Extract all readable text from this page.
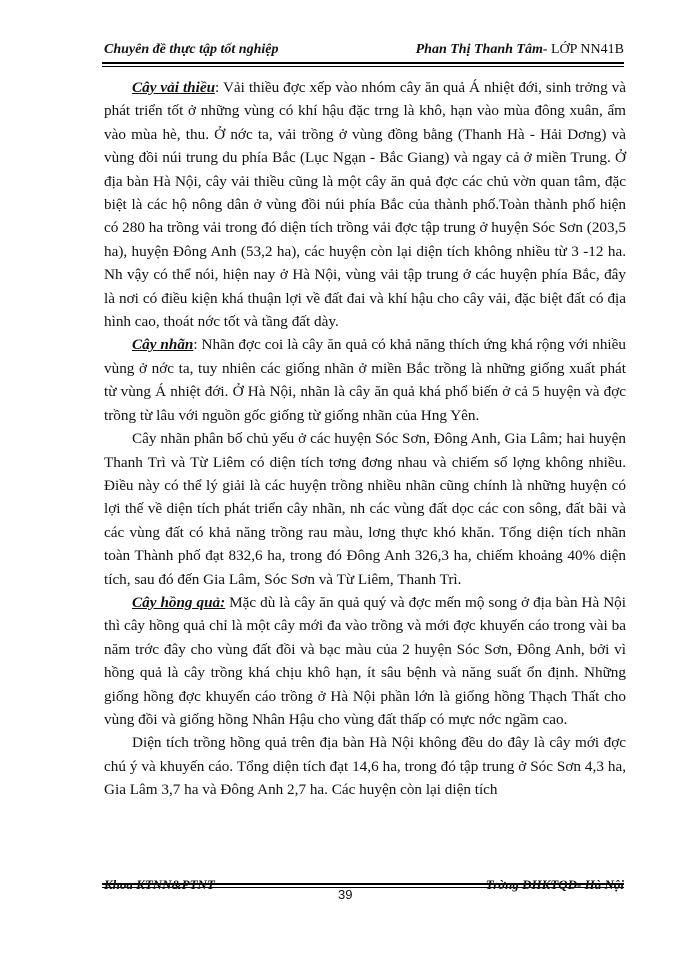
Chuyên đề thực tập tốt nghiệp	Phan Thị Thanh Tâm- LỚP NN41B

Cây vải thiều: Vải thiều đợc xếp vào nhóm cây ăn quả Á nhiệt đới, sinh trởng và phát triển tốt ở những vùng có khí hậu đặc trng là khô, hạn vào mùa đông xuân, ẩm vào mùa hè, thu. Ở nớc ta, vải trồng ở vùng đồng bằng (Thanh Hà - Hải Dơng) và vùng đồi núi trung du phía Bắc (Lục Ngạn - Bắc Giang) và ngay cả ở miền Trung. Ở địa bàn Hà Nội, cây vải thiều cũng là một cây ăn quả đợc các chủ vờn quan tâm, đặc biệt là các hộ nông dân ở vùng đồi núi phía Bắc của thành phố.Toàn thành phố hiện có 280 ha trồng vải trong đó diện tích trồng vải đợc tập trung ở huyện Sóc Sơn (203,5 ha), huyện Đông Anh (53,2 ha), các huyện còn lại diện tích không nhiều từ 3 -12 ha. Nh vậy có thể nói, hiện nay ở Hà Nội, vùng vải tập trung ở các huyện phía Bắc, đây là nơi có điều kiện khá thuận lợi về đất đai và khí hậu cho cây vải, đặc biệt đất có địa hình cao, thoát nớc tốt và tầng đất dày.

Cây nhãn: Nhãn đợc coi là cây ăn quả có khả năng thích ứng khá rộng với nhiều vùng ở nớc ta, tuy nhiên các giống nhãn ở miền Bắc trồng là những giống xuất phát từ vùng Á nhiệt đới. Ở Hà Nội, nhãn là cây ăn quả khá phổ biến ở cả 5 huyện và đợc trồng từ lâu với nguồn gốc giống từ giống nhãn của Hng Yên.

Cây nhãn phân bố chủ yếu ở các huyện Sóc Sơn, Đông Anh, Gia Lâm; hai huyện Thanh Trì và Từ Liêm có diện tích tơng đơng nhau và chiếm số lợng không nhiều. Điều này có thể lý giải là các huyện trồng nhiều nhãn cũng chính là những huyện có lợi thế về diện tích phát triển cây nhãn, nh các vùng đất dọc các con sông, đất bãi và các vùng đất có khả năng trồng rau màu, lơng thực khó khăn. Tổng diện tích nhãn toàn Thành phố đạt 832,6 ha, trong đó Đông Anh 326,3 ha, chiếm khoảng 40% diện tích, sau đó đến Gia Lâm, Sóc Sơn và Từ Liêm, Thanh Trì.

Cây hồng quả: Mặc dù là cây ăn quả quý và đợc mến mộ song ở địa bàn Hà Nội thì cây hồng quả chỉ là một cây mới đa vào trồng và mới đợc khuyến cáo trong vài ba năm trớc đây cho vùng đất đồi và bạc màu của 2 huyện Sóc Sơn, Đông Anh, bởi vì hồng quả là cây trồng khá chịu khô hạn, ít sâu bệnh và năng suất ổn định. Những giống hồng đợc khuyến cáo trồng ở Hà Nội phần lớn là giống hồng Thạch Thất cho vùng đồi và giống hồng Nhân Hậu cho vùng đất thấp có mực nớc ngầm cao.

Diện tích trồng hồng quả trên địa bàn Hà Nội không đều do đây là cây mới đợc chú ý và khuyến cáo. Tổng diện tích đạt 14,6 ha, trong đó tập trung ở Sóc Sơn 4,3 ha, Gia Lâm 3,7 ha và Đông Anh 2,7 ha. Các huyện còn lại diện tích

Khoa KTNN&PTNT
39
Trờng ĐHKTQD- Hà Nội
